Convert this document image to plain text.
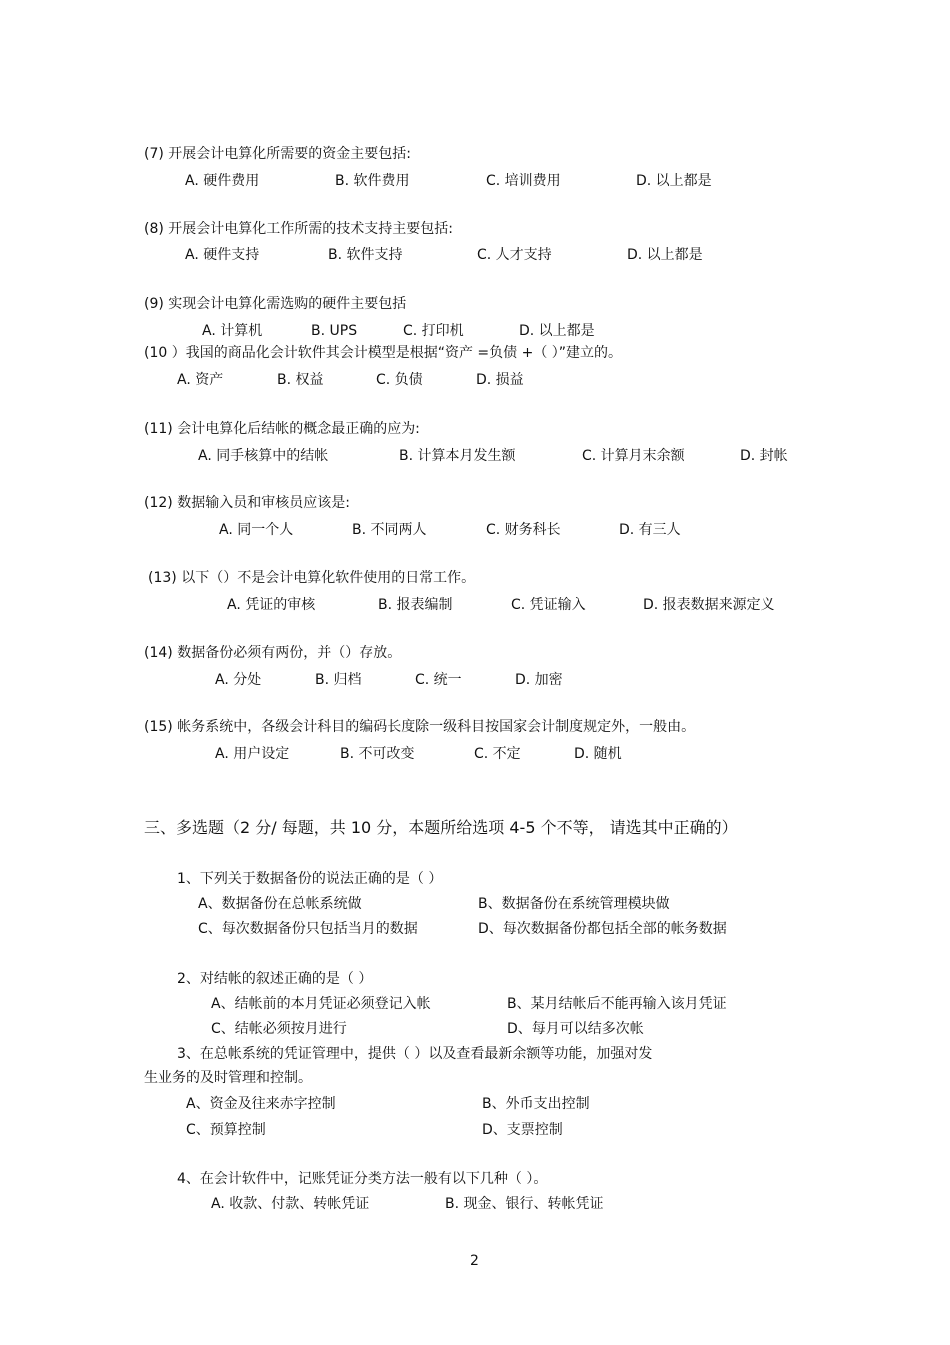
(7) 开展会计电算化所需要的资金主要包括:
A. 硬件费用	B. 软件费用	C. 培训费用	D. 以上都是
(8) 开展会计电算化工作所需的技术支持主要包括:
A. 硬件支持	B. 软件支持	C. 人才支持	D. 以上都是
(9) 实现会计电算化需选购的硬件主要包括
A. 计算机	B. UPS	C. 打印机	D. 以上都是
(10 ）我国的商品化会计软件其会计模型是根据“资产 =负债 +（ ）”建立的。
A. 资产	B. 权益	C. 负债	D. 损益
(11) 会计电算化后结帐的概念最正确的应为:
A. 同手核算中的结帐	B. 计算本月发生额	C. 计算月末余额	D. 封帐
(12) 数据输入员和审核员应该是:
A. 同一个人	B. 不同两人	C. 财务科长	D. 有三人
(13) 以下（）不是会计电算化软件使用的日常工作。
A. 凭证的审核	B. 报表编制	C. 凭证输入	D. 报表数据来源定义
(14) 数据备份必须有两份，并（）存放。
A. 分处	B. 归档	C. 统一	D. 加密
(15) 帐务系统中，各级会计科目的编码长度除一级科目按国家会计制度规定外，一般由。
A. 用户设定	B. 不可改变	C. 不定	D. 随机
三、多选题（2 分/ 每题，共 10 分，本题所给选项 4-5 个不等， 请选其中正确的）
1、下列关于数据备份的说法正确的是（ ）
A、数据备份在总帐系统做	B、数据备份在系统管理模块做
C、每次数据备份只包括当月的数据	D、每次数据备份都包括全部的帐务数据
2、对结帐的叙述正确的是（ ）
A、结帐前的本月凭证必须登记入帐	B、某月结帐后不能再输入该月凭证
C、结帐必须按月进行	D、每月可以结多次帐
3、在总帐系统的凭证管理中，提供（ ）以及查看最新余额等功能，加强对发
生业务的及时管理和控制。
A、资金及往来赤字控制	B、外币支出控制
C、预算控制	D、支票控制
4、在会计软件中，记账凭证分类方法一般有以下几种（ ）。
A. 收款、付款、转帐凭证	B. 现金、银行、转帐凭证
2
